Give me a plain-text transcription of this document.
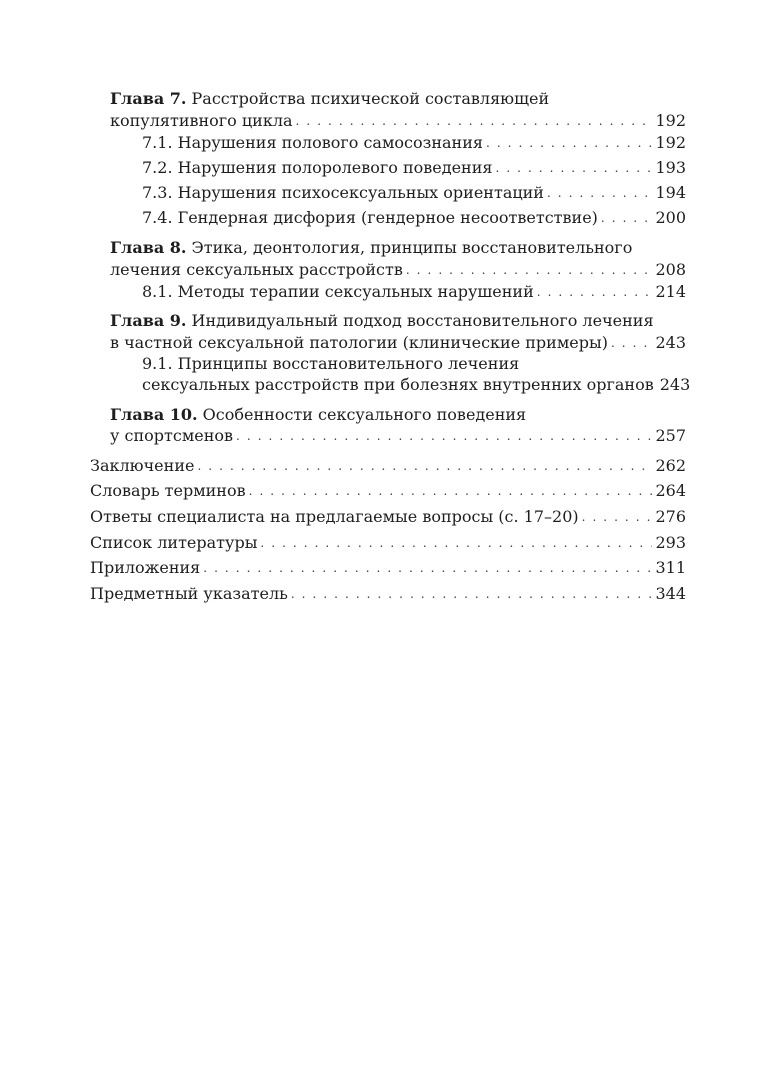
Глава 7. Расстройства психической составляющей
копулятивного цикла . . .	192
7.1. Нарушения полового самосознания . . .	192
7.2. Нарушения полоролевого поведения . . .	193
7.3. Нарушения психосексуальных ориентаций . . .	194
7.4. Гендерная дисфория (гендерное несоответствие) . . .	200
Глава 8. Этика, деонтология, принципы восстановительного
лечения сексуальных расстройств . . .	208
8.1. Методы терапии сексуальных нарушений . . .	214
Глава 9. Индивидуальный подход восстановительного лечения
в частной сексуальной патологии (клинические примеры) . . .	243
9.1. Принципы восстановительного лечения
сексуальных расстройств при болезнях внутренних органов 243
Глава 10. Особенности сексуального поведения
у спортсменов . . .	257
Заключение . . .	262
Словарь терминов . . .	264
Ответы специалиста на предлагаемые вопросы (с. 17–20) . . .	276
Список литературы . . .	293
Приложения . . .	311
Предметный указатель . . .	344
